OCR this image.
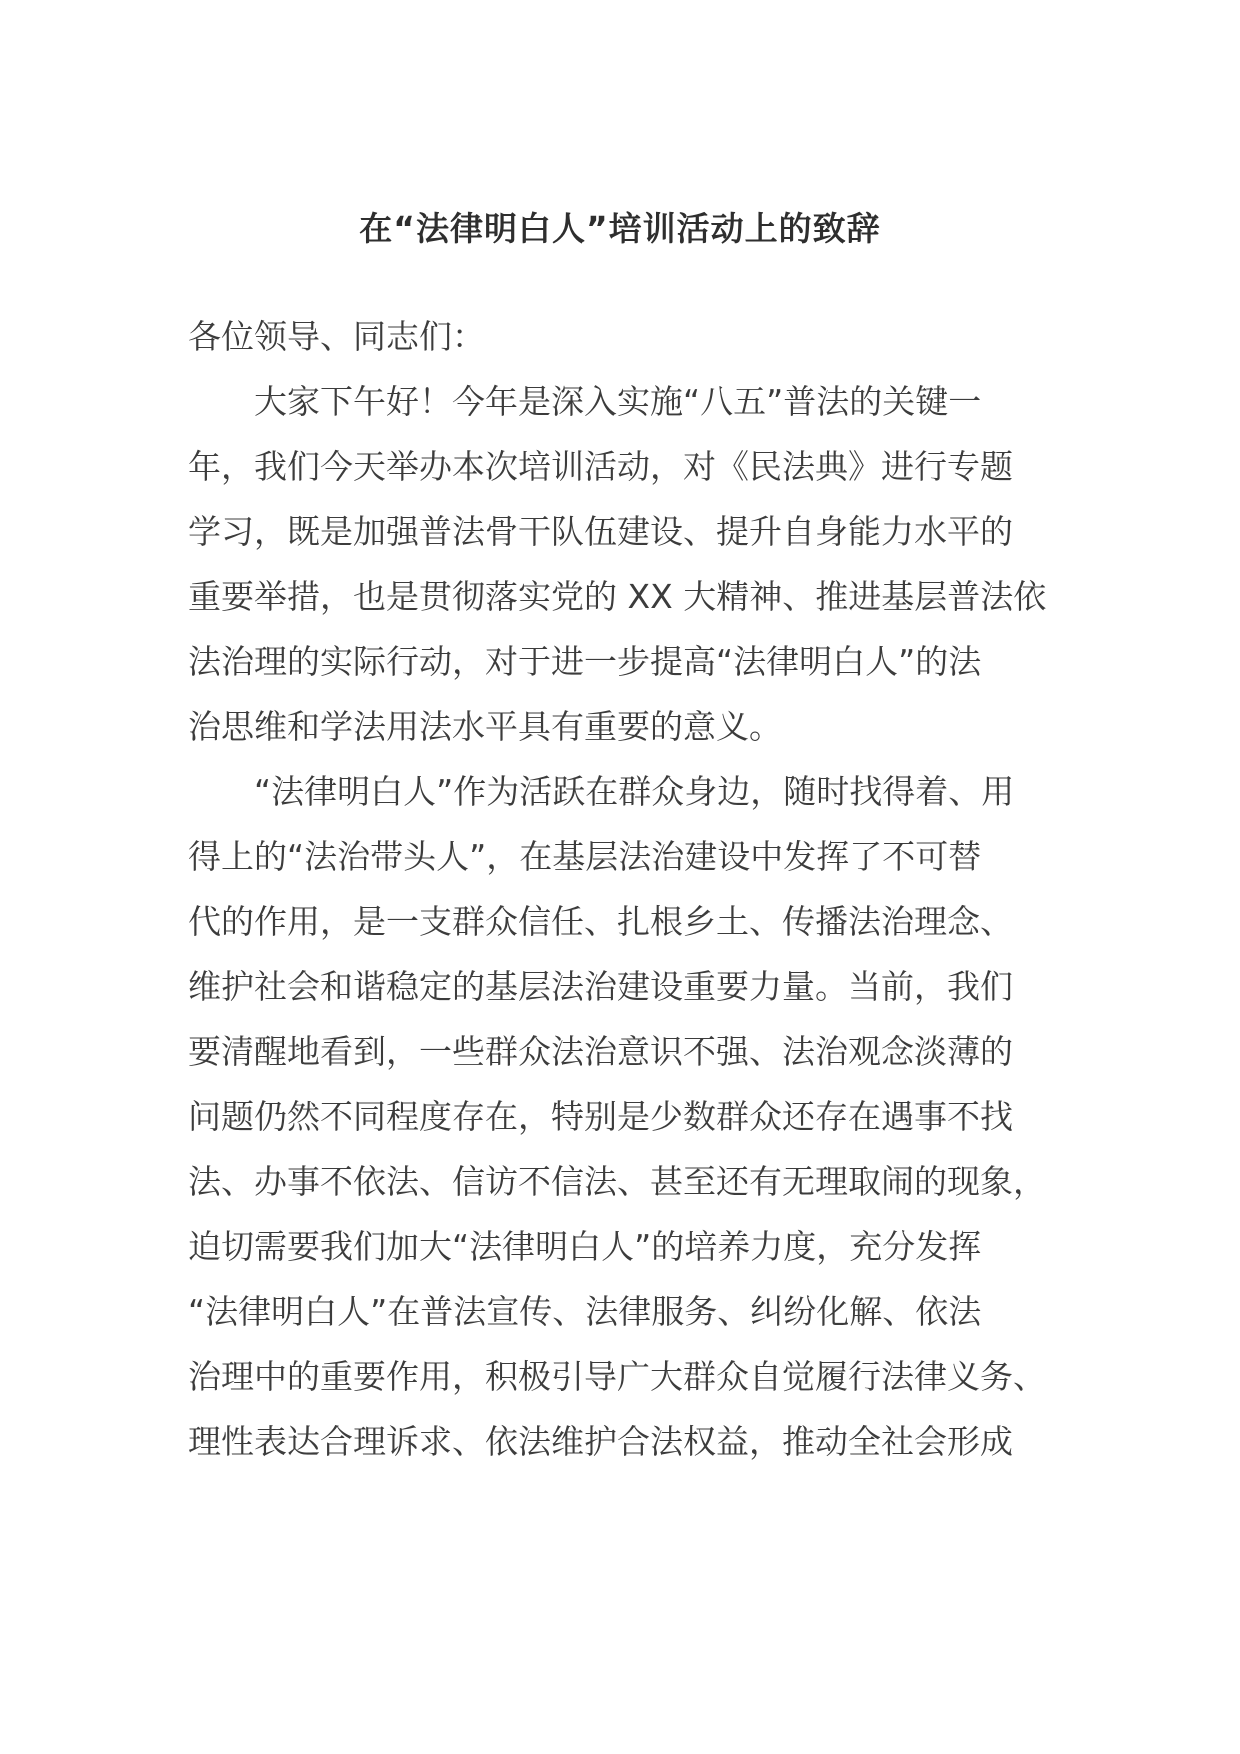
在“法律明白人”培训活动上的致辞
各位领导、同志们：
大家下午好！今年是深入实施“八五”普法的关键一
年，我们今天举办本次培训活动，对《民法典》进行专题
学习，既是加强普法骨干队伍建设、提升自身能力水平的
重要举措，也是贯彻落实党的 XX 大精神、推进基层普法依
法治理的实际行动，对于进一步提高“法律明白人”的法
治思维和学法用法水平具有重要的意义。
“法律明白人”作为活跃在群众身边，随时找得着、用
得上的“法治带头人”，在基层法治建设中发挥了不可替
代的作用，是一支群众信任、扎根乡土、传播法治理念、
维护社会和谐稳定的基层法治建设重要力量。当前，我们
要清醒地看到，一些群众法治意识不强、法治观念淡薄的
问题仍然不同程度存在，特别是少数群众还存在遇事不找
法、办事不依法、信访不信法、甚至还有无理取闹的现象，
迫切需要我们加大“法律明白人”的培养力度，充分发挥
“法律明白人”在普法宣传、法律服务、纠纷化解、依法
治理中的重要作用，积极引导广大群众自觉履行法律义务、
理性表达合理诉求、依法维护合法权益，推动全社会形成
